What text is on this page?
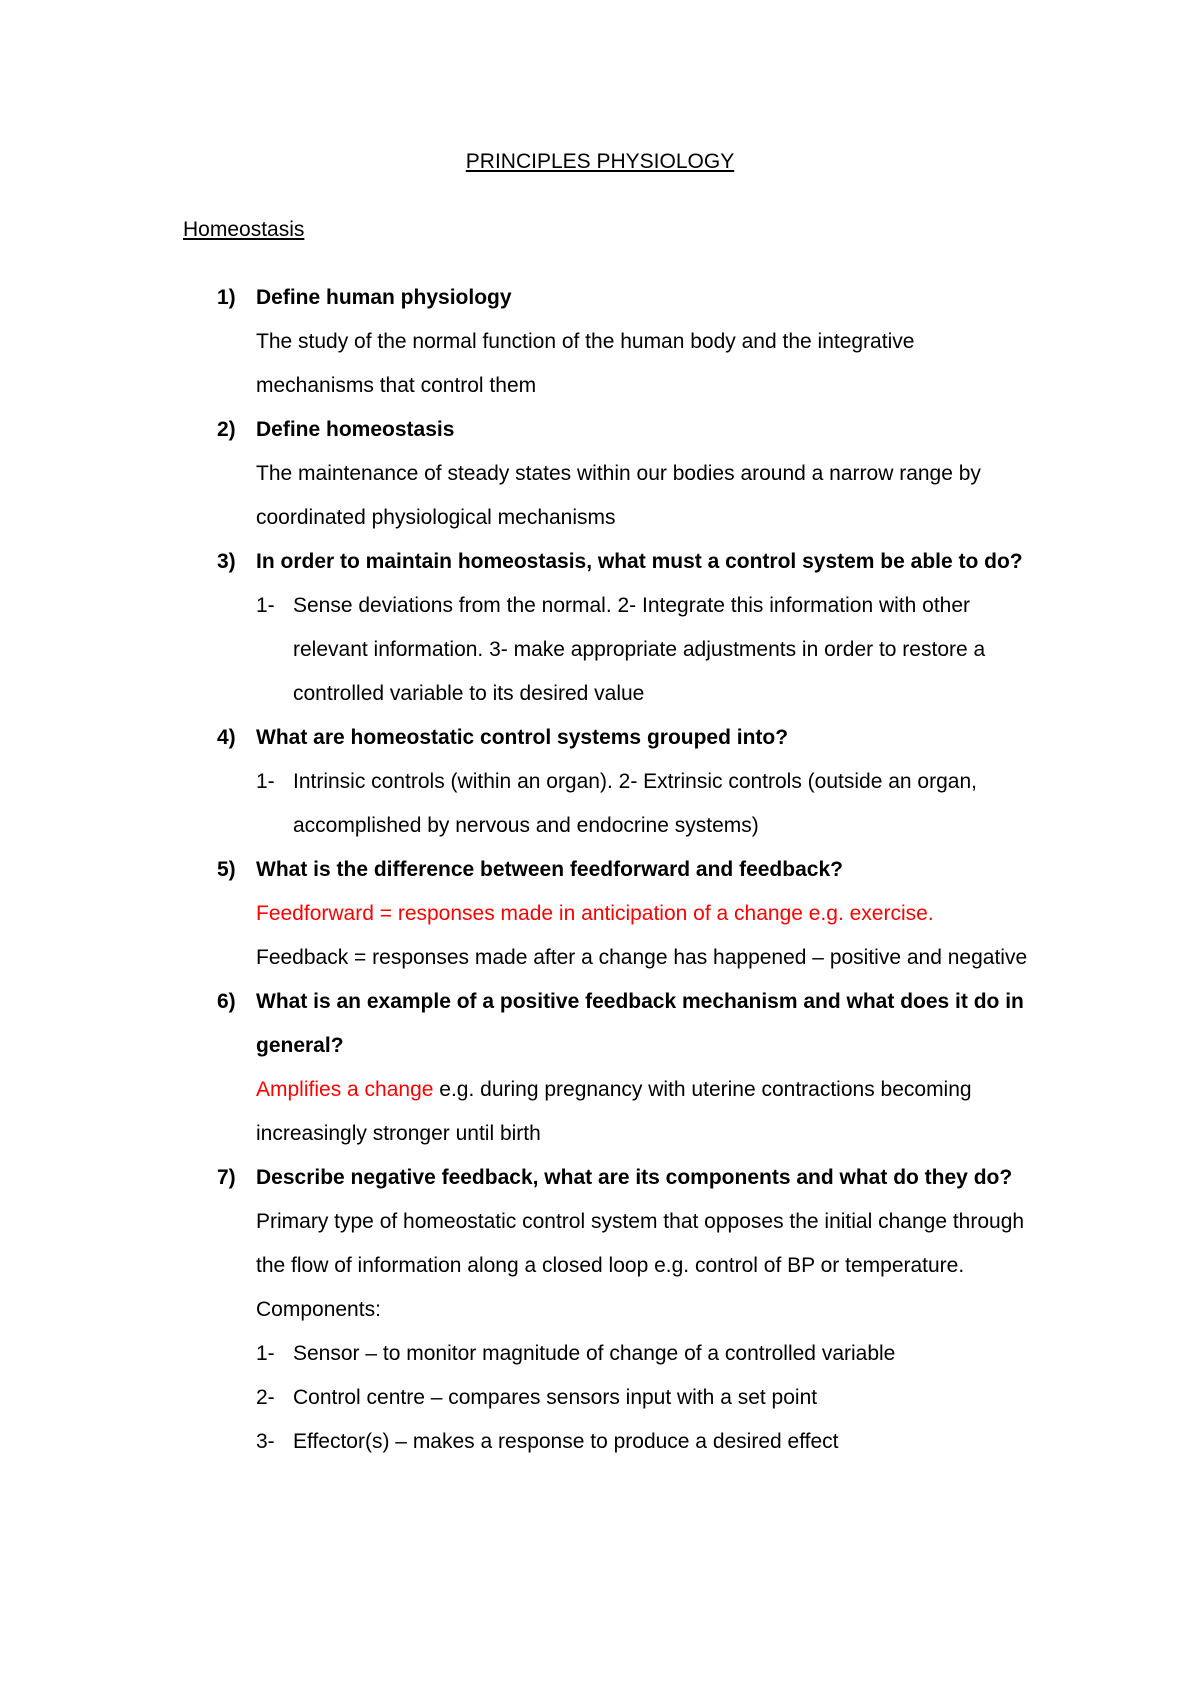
PRINCIPLES PHYSIOLOGY
Homeostasis
1) Define human physiology
The study of the normal function of the human body and the integrative mechanisms that control them
2) Define homeostasis
The maintenance of steady states within our bodies around a narrow range by coordinated physiological mechanisms
3) In order to maintain homeostasis, what must a control system be able to do?
1- Sense deviations from the normal. 2- Integrate this information with other relevant information. 3- make appropriate adjustments in order to restore a controlled variable to its desired value
4) What are homeostatic control systems grouped into?
1- Intrinsic controls (within an organ). 2- Extrinsic controls (outside an organ, accomplished by nervous and endocrine systems)
5) What is the difference between feedforward and feedback?
Feedforward = responses made in anticipation of a change e.g. exercise.
Feedback = responses made after a change has happened – positive and negative
6) What is an example of a positive feedback mechanism and what does it do in general?
Amplifies a change e.g. during pregnancy with uterine contractions becoming increasingly stronger until birth
7) Describe negative feedback, what are its components and what do they do?
Primary type of homeostatic control system that opposes the initial change through the flow of information along a closed loop e.g. control of BP or temperature. Components:
1- Sensor – to monitor magnitude of change of a controlled variable
2- Control centre – compares sensors input with a set point
3- Effector(s) – makes a response to produce a desired effect
